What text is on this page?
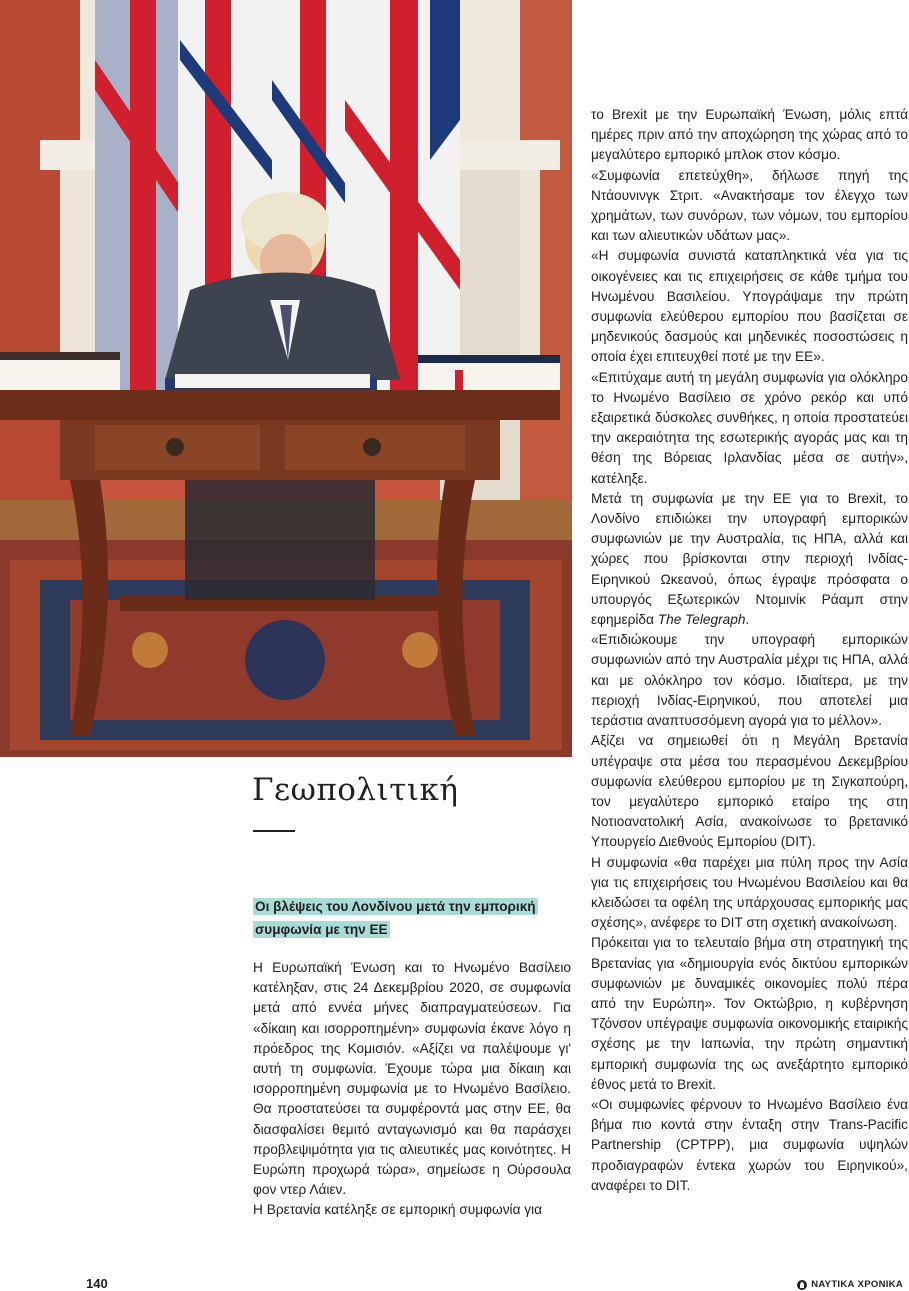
Γεωπολιτική
Οι βλέψεις του Λονδίνου μετά την εμπορική συμφωνία με την ΕΕ

Η Ευρωπαϊκή Ένωση και το Ηνωμένο Βασίλειο κατέληξαν, στις 24 Δεκεμβρίου 2020, σε συμφωνία μετά από εννέα μήνες διαπραγματεύσεων. Για «δίκαιη και ισορροπημένη» συμφωνία έκανε λόγο η πρόεδρος της Κομισιόν. «Αξίζει να παλέψουμε γι' αυτή τη συμφωνία. Έχουμε τώρα μια δίκαιη και ισορροπημένη συμφωνία με το Ηνωμένο Βασίλειο. Θα προστατεύσει τα συμφέροντά μας στην ΕΕ, θα διασφαλίσει θεμιτό ανταγωνισμό και θα παράσχει προβλεψιμότητα για τις αλιευτικές μας κοινότητες. Η Ευρώπη προχωρά τώρα», σημείωσε η Ούρσουλα φον ντερ Λάιεν.

Η Βρετανία κατέληξε σε εμπορική συμφωνία για

το Brexit με την Ευρωπαϊκή Ένωση, μόλις επτά ημέρες πριν από την αποχώρηση της χώρας από το μεγαλύτερο εμπορικό μπλοκ στον κόσμο.

«Συμφωνία επετεύχθη», δήλωσε πηγή της Ντάουνινγκ Στριτ. «Ανακτήσαμε τον έλεγχο των χρημάτων, των συνόρων, των νόμων, του εμπορίου και των αλιευτικών υδάτων μας».

«Η συμφωνία συνιστά καταπληκτικά νέα για τις οικογένειες και τις επιχειρήσεις σε κάθε τμήμα του Ηνωμένου Βασιλείου. Υπογράψαμε την πρώτη συμφωνία ελεύθερου εμπορίου που βασίζεται σε μηδενικούς δασμούς και μηδενικές ποσοστώσεις η οποία έχει επιτευχθεί ποτέ με την ΕΕ».

«Επιτύχαμε αυτή τη μεγάλη συμφωνία για ολόκληρο το Ηνωμένο Βασίλειο σε χρόνο ρεκόρ και υπό εξαιρετικά δύσκολες συνθήκες, η οποία προστατεύει την ακεραιότητα της εσωτερικής αγοράς μας και τη θέση της Βόρειας Ιρλανδίας μέσα σε αυτήν», κατέληξε.

Μετά τη συμφωνία με την ΕΕ για το Brexit, το Λονδίνο επιδιώκει την υπογραφή εμπορικών συμφωνιών με την Αυστραλία, τις ΗΠΑ, αλλά και χώρες που βρίσκονται στην περιοχή Ινδίας-Ειρηνικού Ωκεανού, όπως έγραψε πρόσφατα ο υπουργός Εξωτερικών Ντομινίκ Ράαμπ στην εφημερίδα The Telegraph.

«Επιδιώκουμε την υπογραφή εμπορικών συμφωνιών από την Αυστραλία μέχρι τις ΗΠΑ, αλλά και με ολόκληρο τον κόσμο. Ιδιαίτερα, με την περιοχή Ινδίας-Ειρηνικού, που αποτελεί μια τεράστια αναπτυσσόμενη αγορά για το μέλλον».

Αξίζει να σημειωθεί ότι η Μεγάλη Βρετανία υπέγραψε στα μέσα του περασμένου Δεκεμβρίου συμφωνία ελεύθερου εμπορίου με τη Σιγκαπούρη, τον μεγαλύτερο εμπορικό εταίρο της στη Νοτιοανατολική Ασία, ανακοίνωσε το βρετανικό Υπουργείο Διεθνούς Εμπορίου (DIT).

Η συμφωνία «θα παρέχει μια πύλη προς την Ασία για τις επιχειρήσεις του Ηνωμένου Βασιλείου και θα κλειδώσει τα οφέλη της υπάρχουσας εμπορικής μας σχέσης», ανέφερε το DIT στη σχετική ανακοίνωση.

Πρόκειται για το τελευταίο βήμα στη στρατηγική της Βρετανίας για «δημιουργία ενός δικτύου εμπορικών συμφωνιών με δυναμικές οικονομίες πολύ πέρα από την Ευρώπη». Τον Οκτώβριο, η κυβέρνηση Τζόνσον υπέγραψε συμφωνία οικονομικής εταιρικής σχέσης με την Ιαπωνία, την πρώτη σημαντική εμπορική συμφωνία της ως ανεξάρτητο εμπορικό έθνος μετά το Brexit.

«Οι συμφωνίες φέρνουν το Ηνωμένο Βασίλειο ένα βήμα πιο κοντά στην ένταξη στην Trans-Pacific Partnership (CPTPP), μια συμφωνία υψηλών προδιαγραφών έντεκα χωρών του Ειρηνικού», αναφέρει το DIT.

140	ΝΑΥΤΙΚΑ ΧΡΟΝΙΚΑ
